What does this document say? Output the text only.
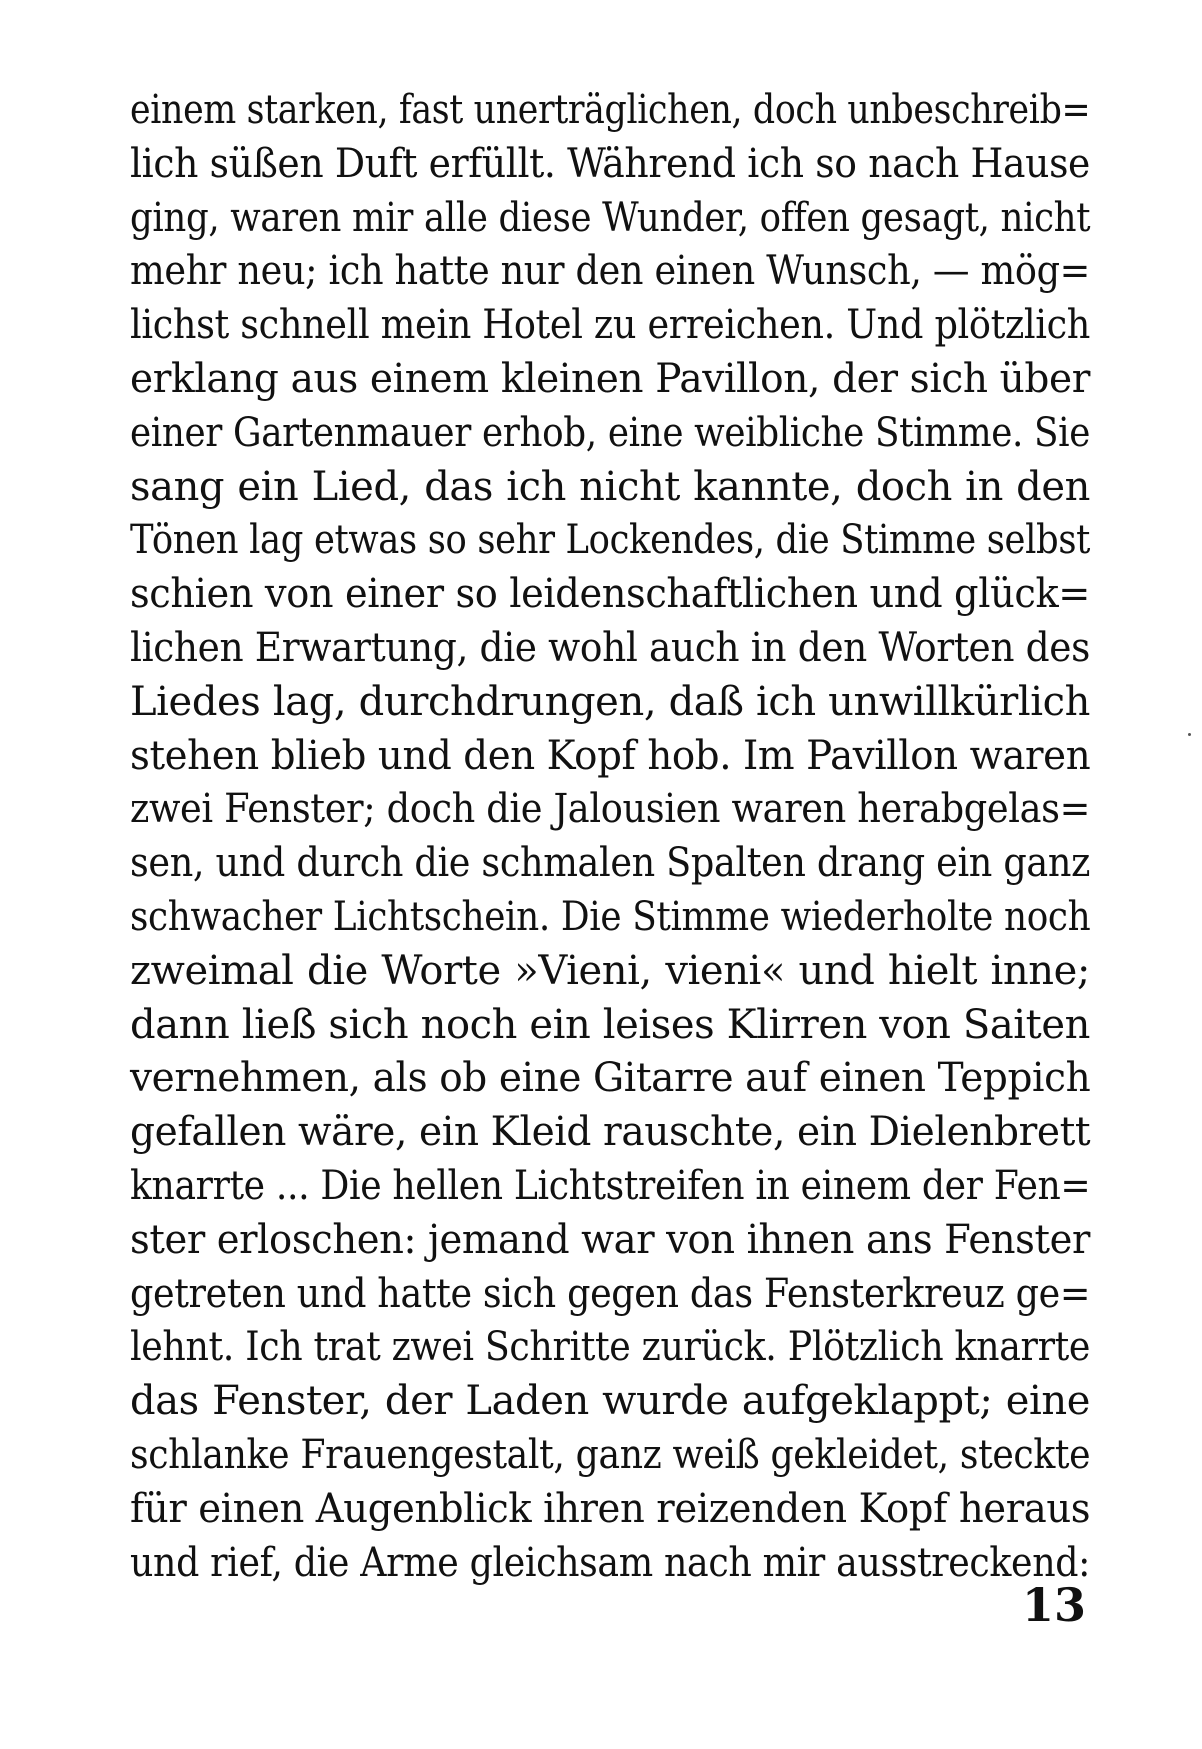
einem starken, fast unerträglichen, doch unbeschreib=
lich süßen Duft erfüllt. Während ich so nach Hause
ging, waren mir alle diese Wunder, offen gesagt, nicht
mehr neu; ich hatte nur den einen Wunsch, — mög=
lichst schnell mein Hotel zu erreichen. Und plötzlich
erklang aus einem kleinen Pavillon, der sich über
einer Gartenmauer erhob, eine weibliche Stimme. Sie
sang ein Lied, das ich nicht kannte, doch in den
Tönen lag etwas so sehr Lockendes, die Stimme selbst
schien von einer so leidenschaftlichen und glück=
lichen Erwartung, die wohl auch in den Worten des
Liedes lag, durchdrungen, daß ich unwillkürlich
stehen blieb und den Kopf hob. Im Pavillon waren
zwei Fenster; doch die Jalousien waren herabgelas=
sen, und durch die schmalen Spalten drang ein ganz
schwacher Lichtschein. Die Stimme wiederholte noch
zweimal die Worte »Vieni, vieni« und hielt inne;
dann ließ sich noch ein leises Klirren von Saiten
vernehmen, als ob eine Gitarre auf einen Teppich
gefallen wäre, ein Kleid rauschte, ein Dielenbrett
knarrte ... Die hellen Lichtstreifen in einem der Fen=
ster erloschen: jemand war von ihnen ans Fenster
getreten und hatte sich gegen das Fensterkreuz ge=
lehnt. Ich trat zwei Schritte zurück. Plötzlich knarrte
das Fenster, der Laden wurde aufgeklappt; eine
schlanke Frauengestalt, ganz weiß gekleidet, steckte
für einen Augenblick ihren reizenden Kopf heraus
und rief, die Arme gleichsam nach mir ausstreckend:
13
